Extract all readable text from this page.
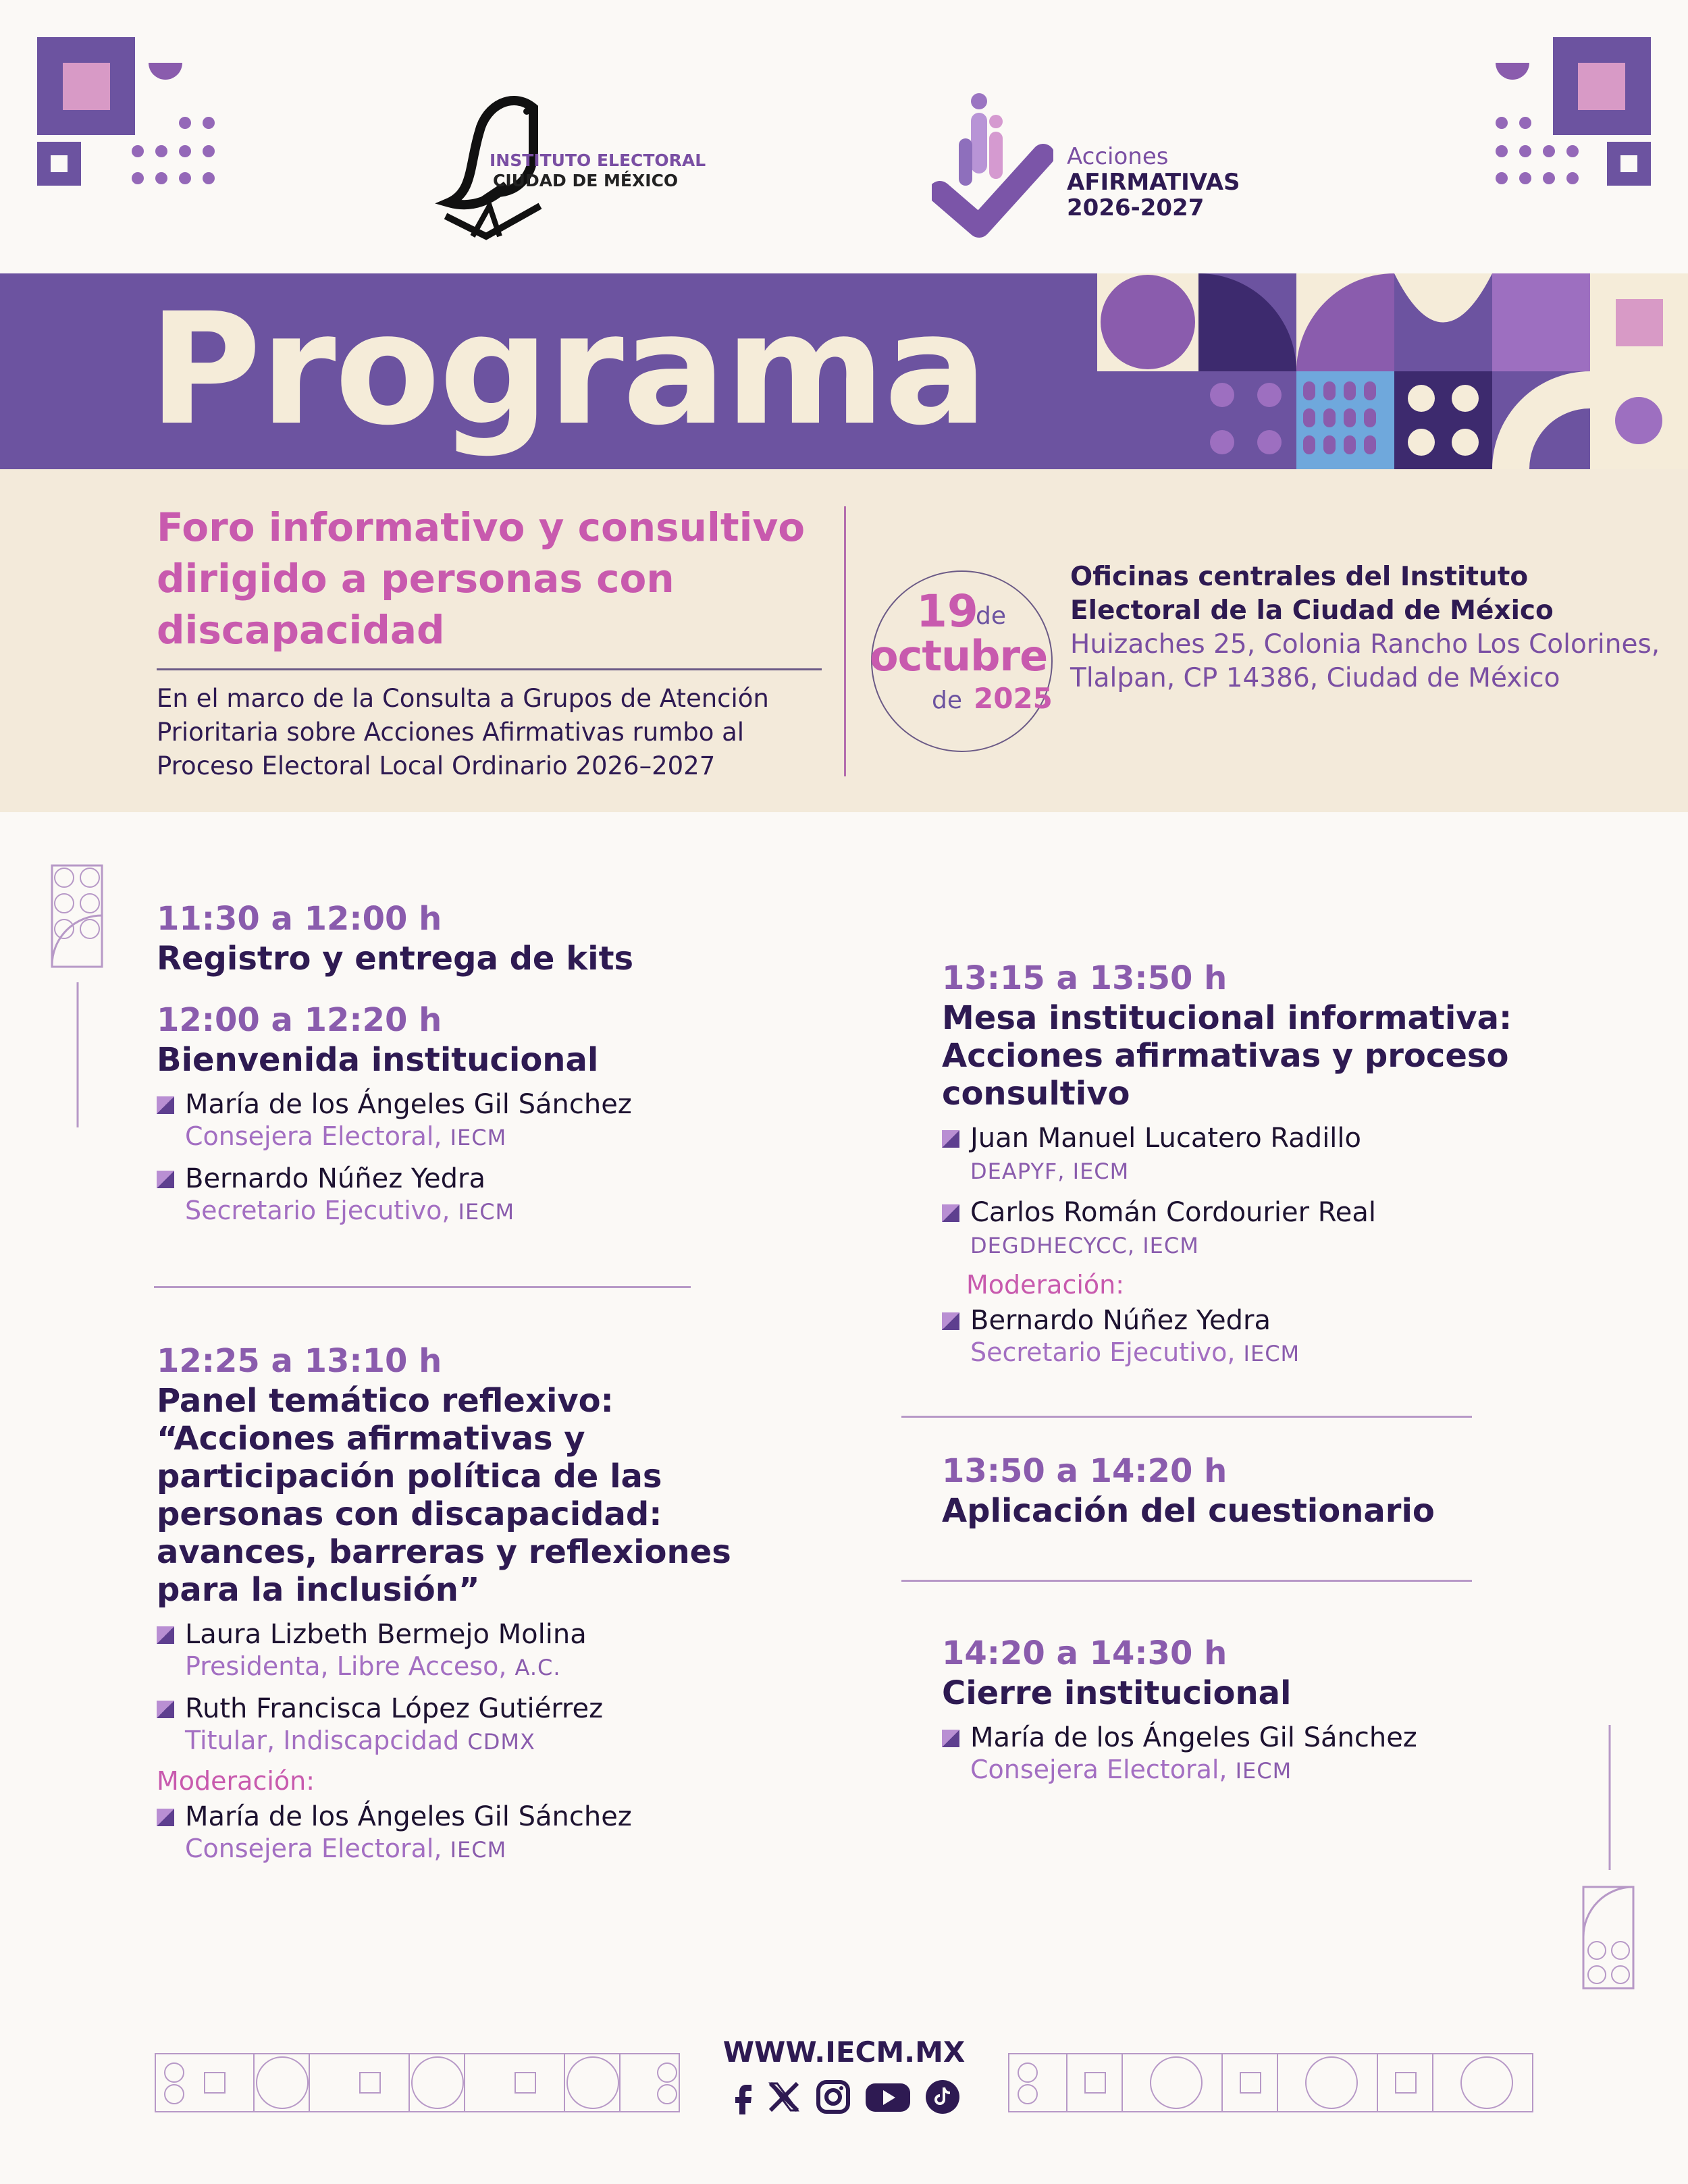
INSTITUTO ELECTORAL
CIUDAD DE MÉXICO
Acciones
AFIRMATIVAS
2026-2027
Programa
Foro informativo y consultivo dirigido a personas con discapacidad
En el marco de la Consulta a Grupos de Atención Prioritaria sobre Acciones Afirmativas rumbo al Proceso Electoral Local Ordinario 2026–2027
19
de
octubre
de 2025
Oficinas centrales del Instituto Electoral de la Ciudad de México
Huizaches 25, Colonia Rancho Los Colorines, Tlalpan, CP 14386, Ciudad de México
11:30 a 12:00 h
Registro y entrega de kits
12:00 a 12:20 h
Bienvenida institucional
María de los Ángeles Gil Sánchez
Consejera Electoral, IECM
Bernardo Núñez Yedra
Secretario Ejecutivo, IECM
12:25 a 13:10 h
Panel temático reflexivo: “Acciones afirmativas y participación política de las personas con discapacidad: avances, barreras y reflexiones para la inclusión”
Laura Lizbeth Bermejo Molina
Presidenta, Libre Acceso, A.C.
Ruth Francisca López Gutiérrez
Titular, Indiscapcidad CDMX
Moderación:
María de los Ángeles Gil Sánchez
Consejera Electoral, IECM
13:15 a 13:50 h
Mesa institucional informativa: Acciones afirmativas y proceso consultivo
Juan Manuel Lucatero Radillo
DEAPYF, IECM
Carlos Román Cordourier Real
DEGDHECYCC, IECM
Moderación:
Bernardo Núñez Yedra
Secretario Ejecutivo, IECM
13:50 a 14:20 h
Aplicación del cuestionario
14:20 a 14:30 h
Cierre institucional
María de los Ángeles Gil Sánchez
Consejera Electoral, IECM
WWW.IECM.MX
